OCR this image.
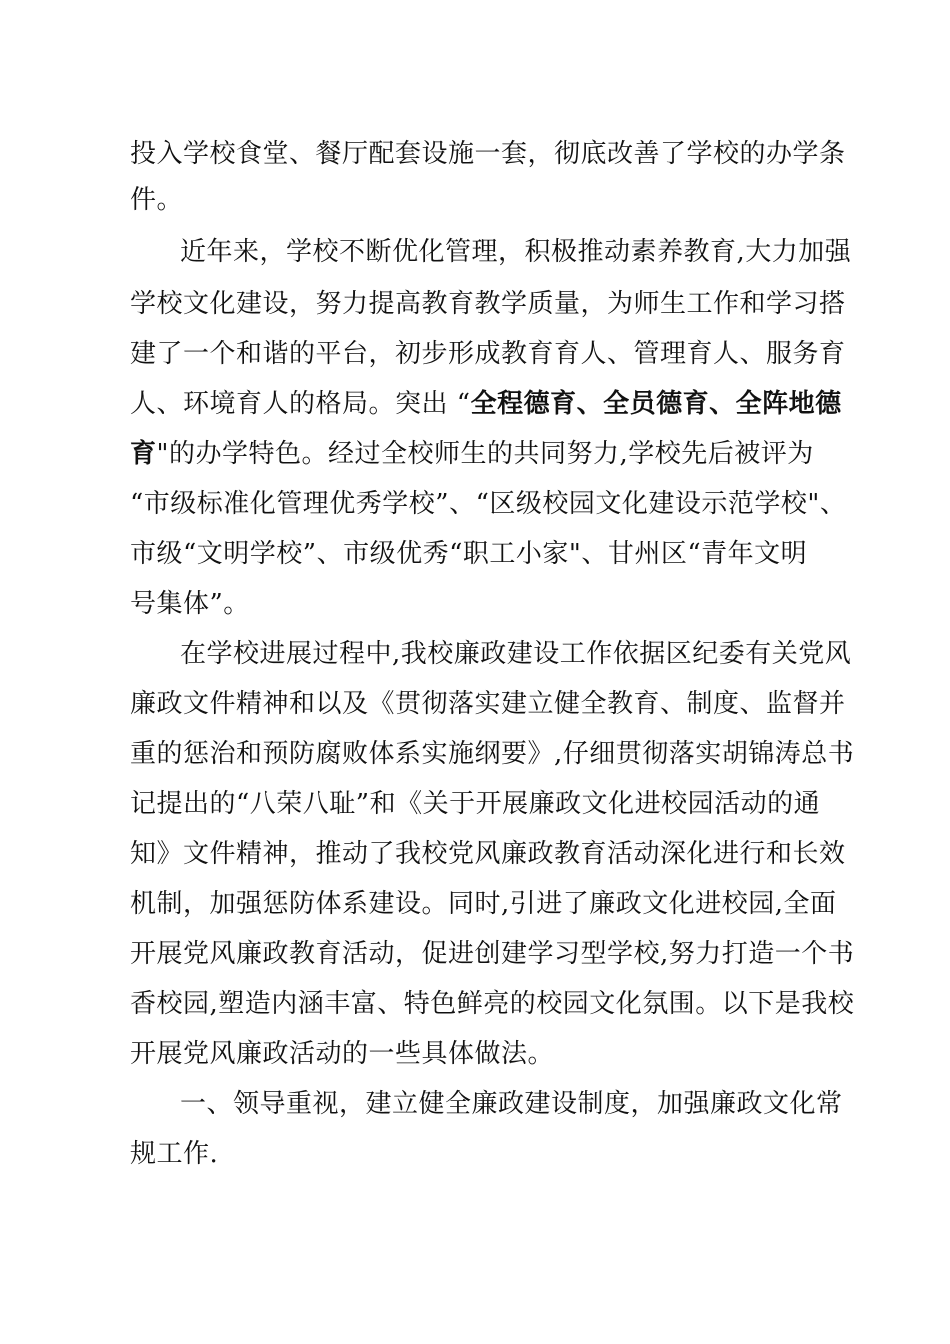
投入学校食堂、餐厅配套设施一套，彻底改善了学校的办学条
件。
近年来，学校不断优化管理，积极推动素养教育,大力加强
学校文化建设，努力提高教育教学质量，为师生工作和学习搭
建了一个和谐的平台，初步形成教育育人、管理育人、服务育
人、环境育人的格局。突出 “全程德育、全员德育、全阵地德
育"的办学特色。经过全校师生的共同努力,学校先后被评为
“市级标准化管理优秀学校”、“区级校园文化建设示范学校"、
市级“文明学校”、市级优秀“职工小家"、甘州区“青年文明
号集体”。
在学校进展过程中,我校廉政建设工作依据区纪委有关党风
廉政文件精神和以及《贯彻落实建立健全教育、制度、监督并
重的惩治和预防腐败体系实施纲要》,仔细贯彻落实胡锦涛总书
记提出的“八荣八耻”和《关于开展廉政文化进校园活动的通
知》文件精神，推动了我校党风廉政教育活动深化进行和长效
机制，加强惩防体系建设。同时,引进了廉政文化进校园,全面
开展党风廉政教育活动，促进创建学习型学校,努力打造一个书
香校园,塑造内涵丰富、特色鲜亮的校园文化氛围。以下是我校
开展党风廉政活动的一些具体做法。
一、领导重视，建立健全廉政建设制度，加强廉政文化常
规工作.
